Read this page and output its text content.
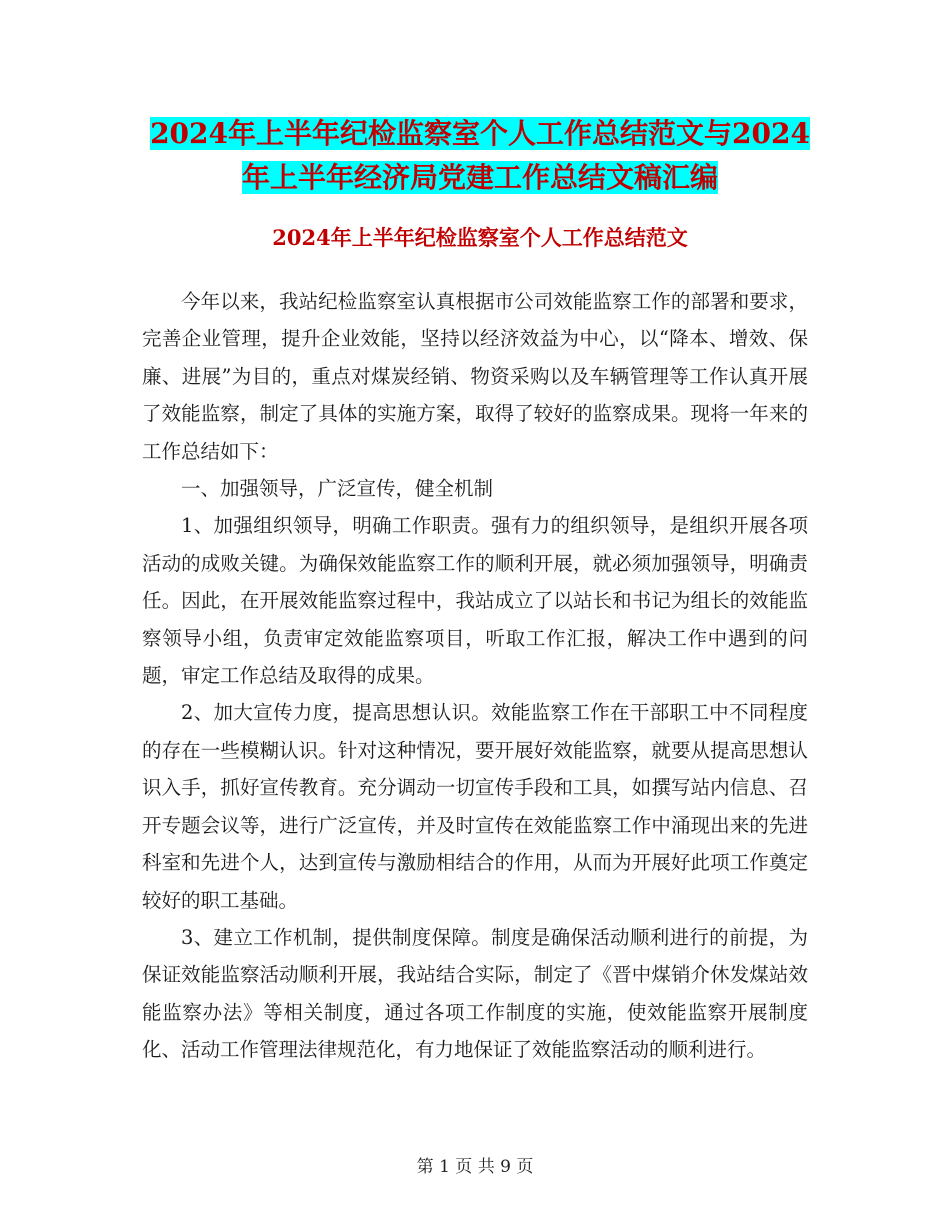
2024年上半年纪检监察室个人工作总结范文与2024年上半年经济局党建工作总结文稿汇编
2024年上半年纪检监察室个人工作总结范文

今年以来，我站纪检监察室认真根据市公司效能监察工作的部署和要求，完善企业管理，提升企业效能，坚持以经济效益为中心，以“降本、增效、保廉、进展”为目的，重点对煤炭经销、物资采购以及车辆管理等工作认真开展了效能监察，制定了具体的实施方案，取得了较好的监察成果。现将一年来的工作总结如下：

一、加强领导，广泛宣传，健全机制

1、加强组织领导，明确工作职责。强有力的组织领导，是组织开展各项活动的成败关键。为确保效能监察工作的顺利开展，就必须加强领导，明确责任。因此，在开展效能监察过程中，我站成立了以站长和书记为组长的效能监察领导小组，负责审定效能监察项目，听取工作汇报，解决工作中遇到的问题，审定工作总结及取得的成果。

2、加大宣传力度，提高思想认识。效能监察工作在干部职工中不同程度的存在一些模糊认识。针对这种情况，要开展好效能监察，就要从提高思想认识入手，抓好宣传教育。充分调动一切宣传手段和工具，如撰写站内信息、召开专题会议等，进行广泛宣传，并及时宣传在效能监察工作中涌现出来的先进科室和先进个人，达到宣传与激励相结合的作用，从而为开展好此项工作奠定较好的职工基础。

3、建立工作机制，提供制度保障。制度是确保活动顺利进行的前提，为保证效能监察活动顺利开展，我站结合实际，制定了《晋中煤销介休发煤站效能监察办法》等相关制度，通过各项工作制度的实施，使效能监察开展制度化、活动工作管理法律规范化，有力地保证了效能监察活动的顺利进行。

第 1 页 共 9 页
